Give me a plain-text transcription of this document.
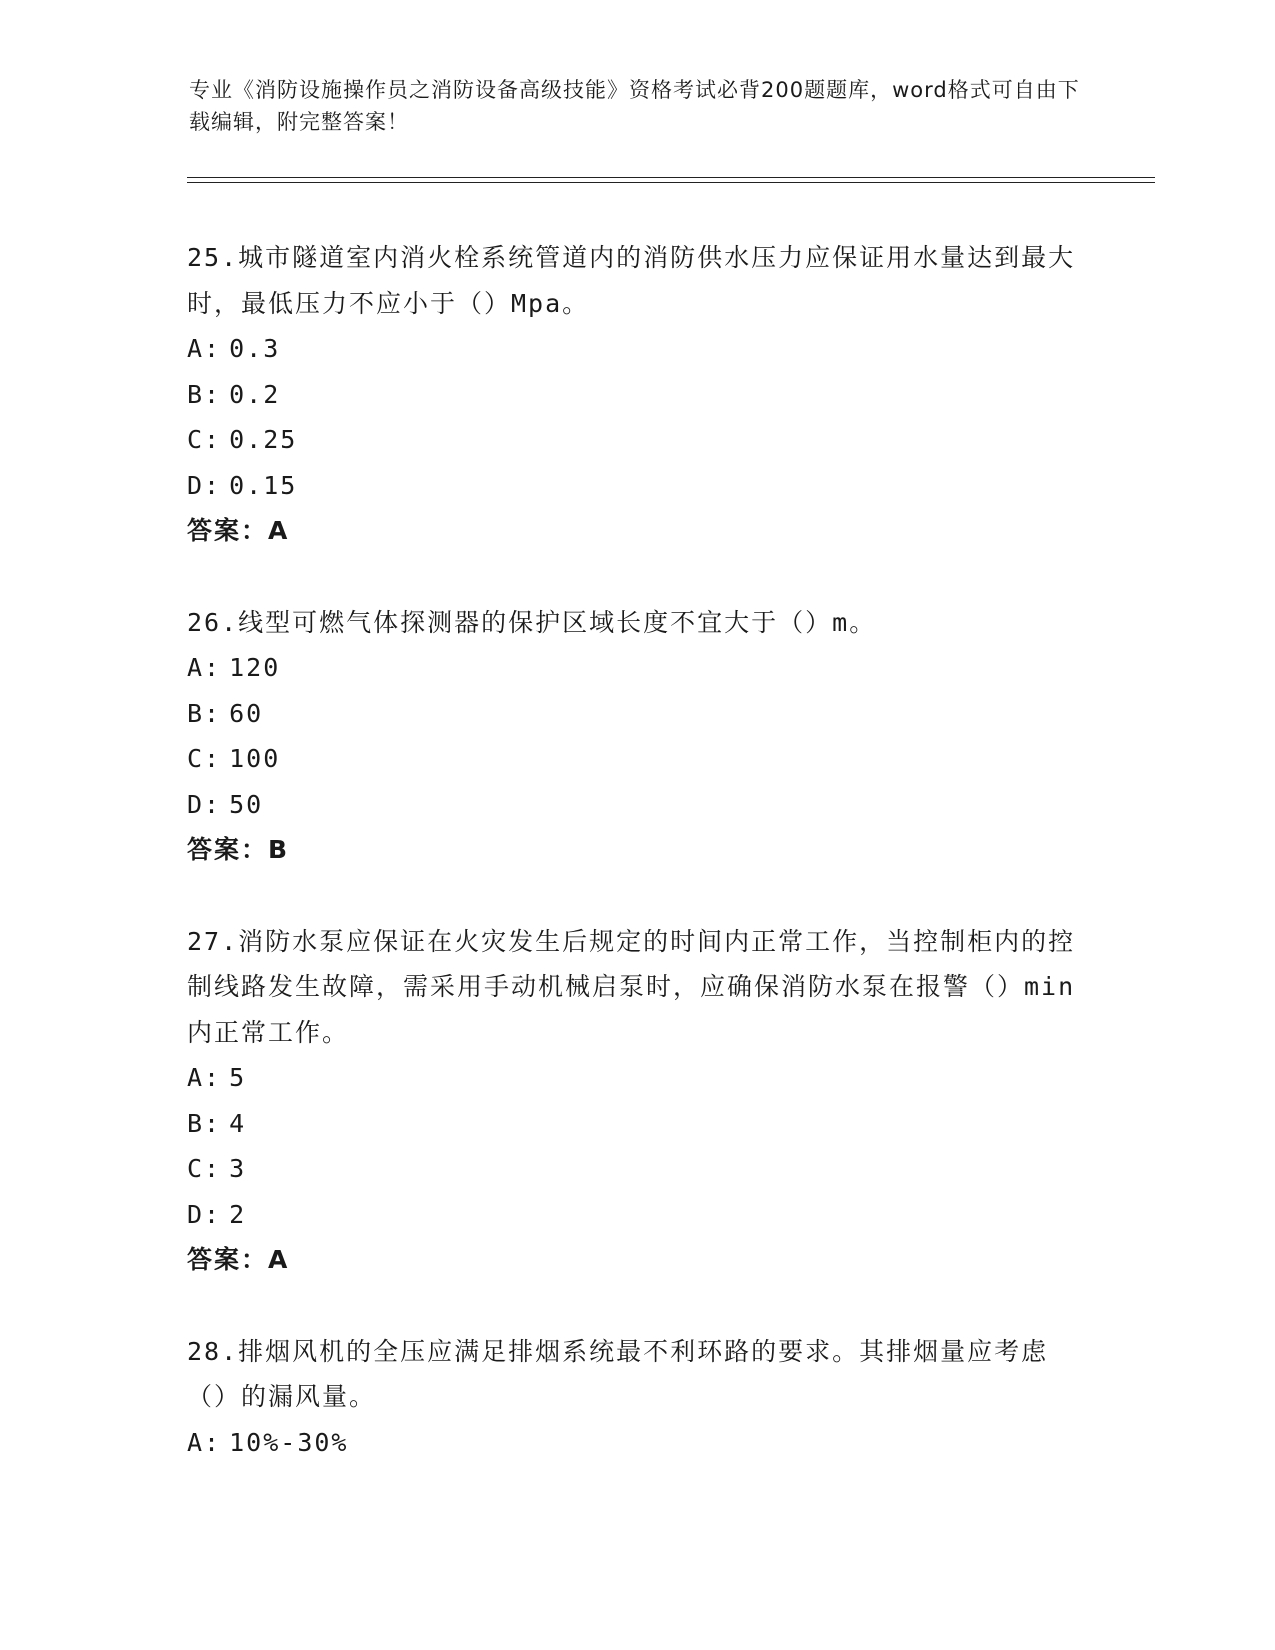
专业《消防设施操作员之消防设备高级技能》资格考试必背200题题库，word格式可自由下载编辑，附完整答案！
25.城市隧道室内消火栓系统管道内的消防供水压力应保证用水量达到最大时，最低压力不应小于（）Mpa。
A: 0.3
B: 0.2
C: 0.25
D: 0.15
答案：A
26.线型可燃气体探测器的保护区域长度不宜大于（）m。
A: 120
B: 60
C: 100
D: 50
答案：B
27.消防水泵应保证在火灾发生后规定的时间内正常工作，当控制柜内的控制线路发生故障，需采用手动机械启泵时，应确保消防水泵在报警（）min内正常工作。
A: 5
B: 4
C: 3
D: 2
答案：A
28.排烟风机的全压应满足排烟系统最不利环路的要求。其排烟量应考虑（）的漏风量。
A: 10%-30%
